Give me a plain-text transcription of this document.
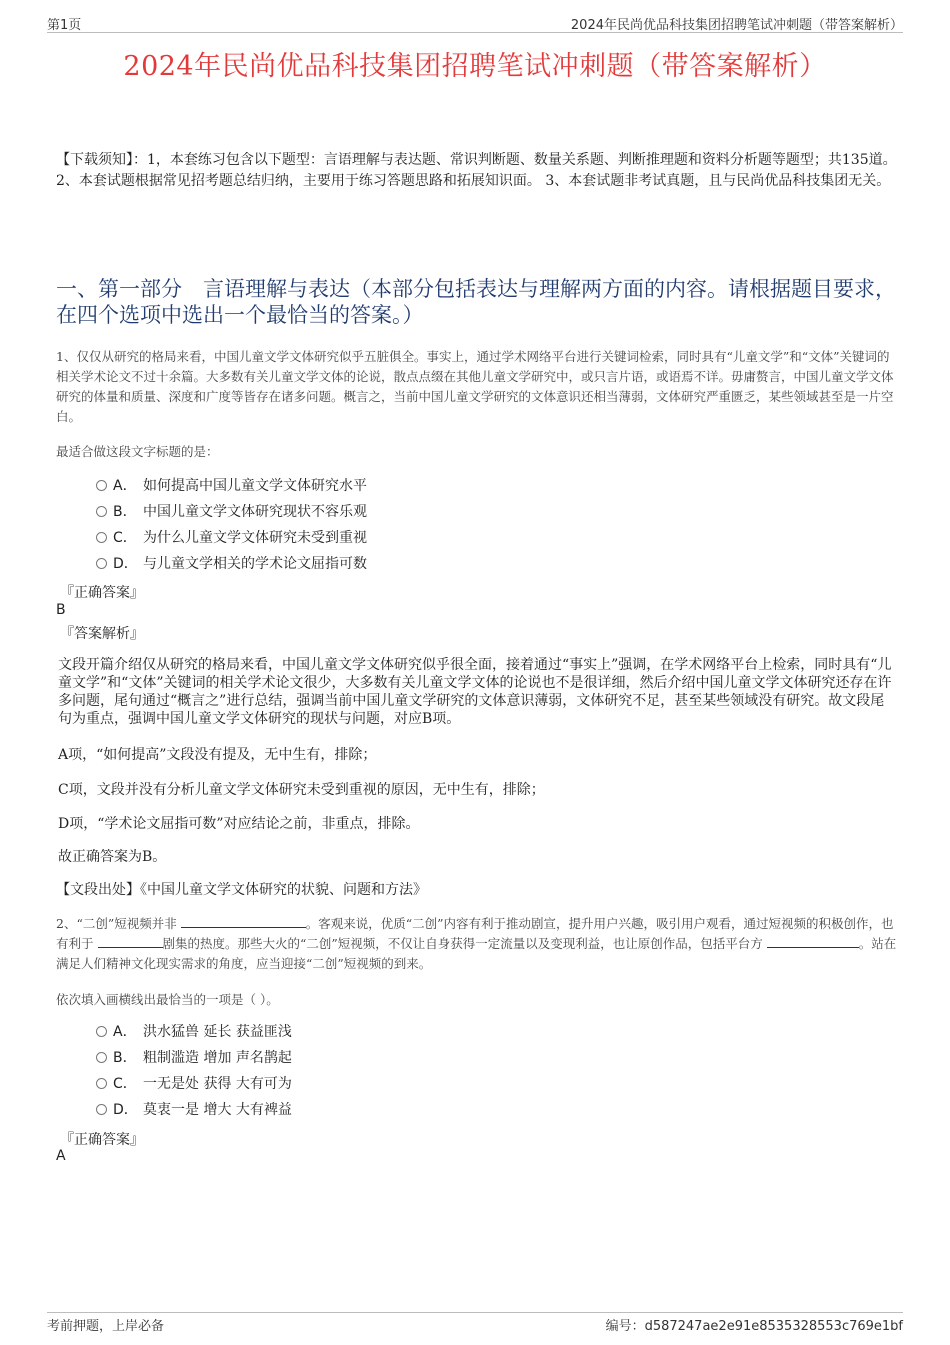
第1页	2024年民尚优品科技集团招聘笔试冲刺题（带答案解析）
2024年民尚优品科技集团招聘笔试冲刺题（带答案解析）
【下载须知】：1，本套练习包含以下题型：言语理解与表达题、常识判断题、数量关系题、判断推理题和资料分析题等题型；共135道。 2、本套试题根据常见招考题总结归纳，主要用于练习答题思路和拓展知识面。 3、本套试题非考试真题，且与民尚优品科技集团无关。
一、第一部分　言语理解与表达（本部分包括表达与理解两方面的内容。请根据题目要求，在四个选项中选出一个最恰当的答案。）
1、仅仅从研究的格局来看，中国儿童文学文体研究似乎五脏俱全。事实上，通过学术网络平台进行关键词检索，同时具有“儿童文学”和“文体”关键词的相关学术论文不过十余篇。大多数有关儿童文学文体的论说，散点点缀在其他儿童文学研究中，或只言片语，或语焉不详。毋庸赘言，中国儿童文学文体研究的体量和质量、深度和广度等皆存在诸多问题。概言之，当前中国儿童文学研究的文体意识还相当薄弱，文体研究严重匮乏，某些领域甚至是一片空白。
最适合做这段文字标题的是：
A． 如何提高中国儿童文学文体研究水平
B． 中国儿童文学文体研究现状不容乐观
C． 为什么儿童文学文体研究未受到重视
D． 与儿童文学相关的学术论文屈指可数
『正确答案』
B
『答案解析』
文段开篇介绍仅从研究的格局来看，中国儿童文学文体研究似乎很全面，接着通过“事实上”强调，在学术网络平台上检索，同时具有“儿童文学”和“文体”关键词的相关学术论文很少，大多数有关儿童文学文体的论说也不是很详细，然后介绍中国儿童文学文体研究还存在许多问题，尾句通过“概言之”进行总结，强调当前中国儿童文学研究的文体意识薄弱，文体研究不足，甚至某些领域没有研究。故文段尾句为重点，强调中国儿童文学文体研究的现状与问题，对应B项。
A项，“如何提高”文段没有提及，无中生有，排除；
C项，文段并没有分析儿童文学文体研究未受到重视的原因，无中生有，排除；
D项，“学术论文屈指可数”对应结论之前，非重点，排除。
故正确答案为B。
【文段出处】《中国儿童文学文体研究的状貌、问题和方法》
2、“二创”短视频并非	。客观来说，优质“二创”内容有利于推动剧宣，提升用户兴趣，吸引用户观看，通过短视频的积极创作，也有利于	剧集的热度。那些大火的“二创”短视频，不仅让自身获得一定流量以及变现利益，也让原创作品，包括平台方	。站在满足人们精神文化现实需求的角度，应当迎接“二创”短视频的到来。
依次填入画横线出最恰当的一项是（ ）。
A． 洪水猛兽 延长 获益匪浅
B． 粗制滥造 增加 声名鹊起
C． 一无是处 获得 大有可为
D． 莫衷一是 增大 大有裨益
『正确答案』
A
考前押题，上岸必备	编号：d587247ae2e91e8535328553c769e1bf
